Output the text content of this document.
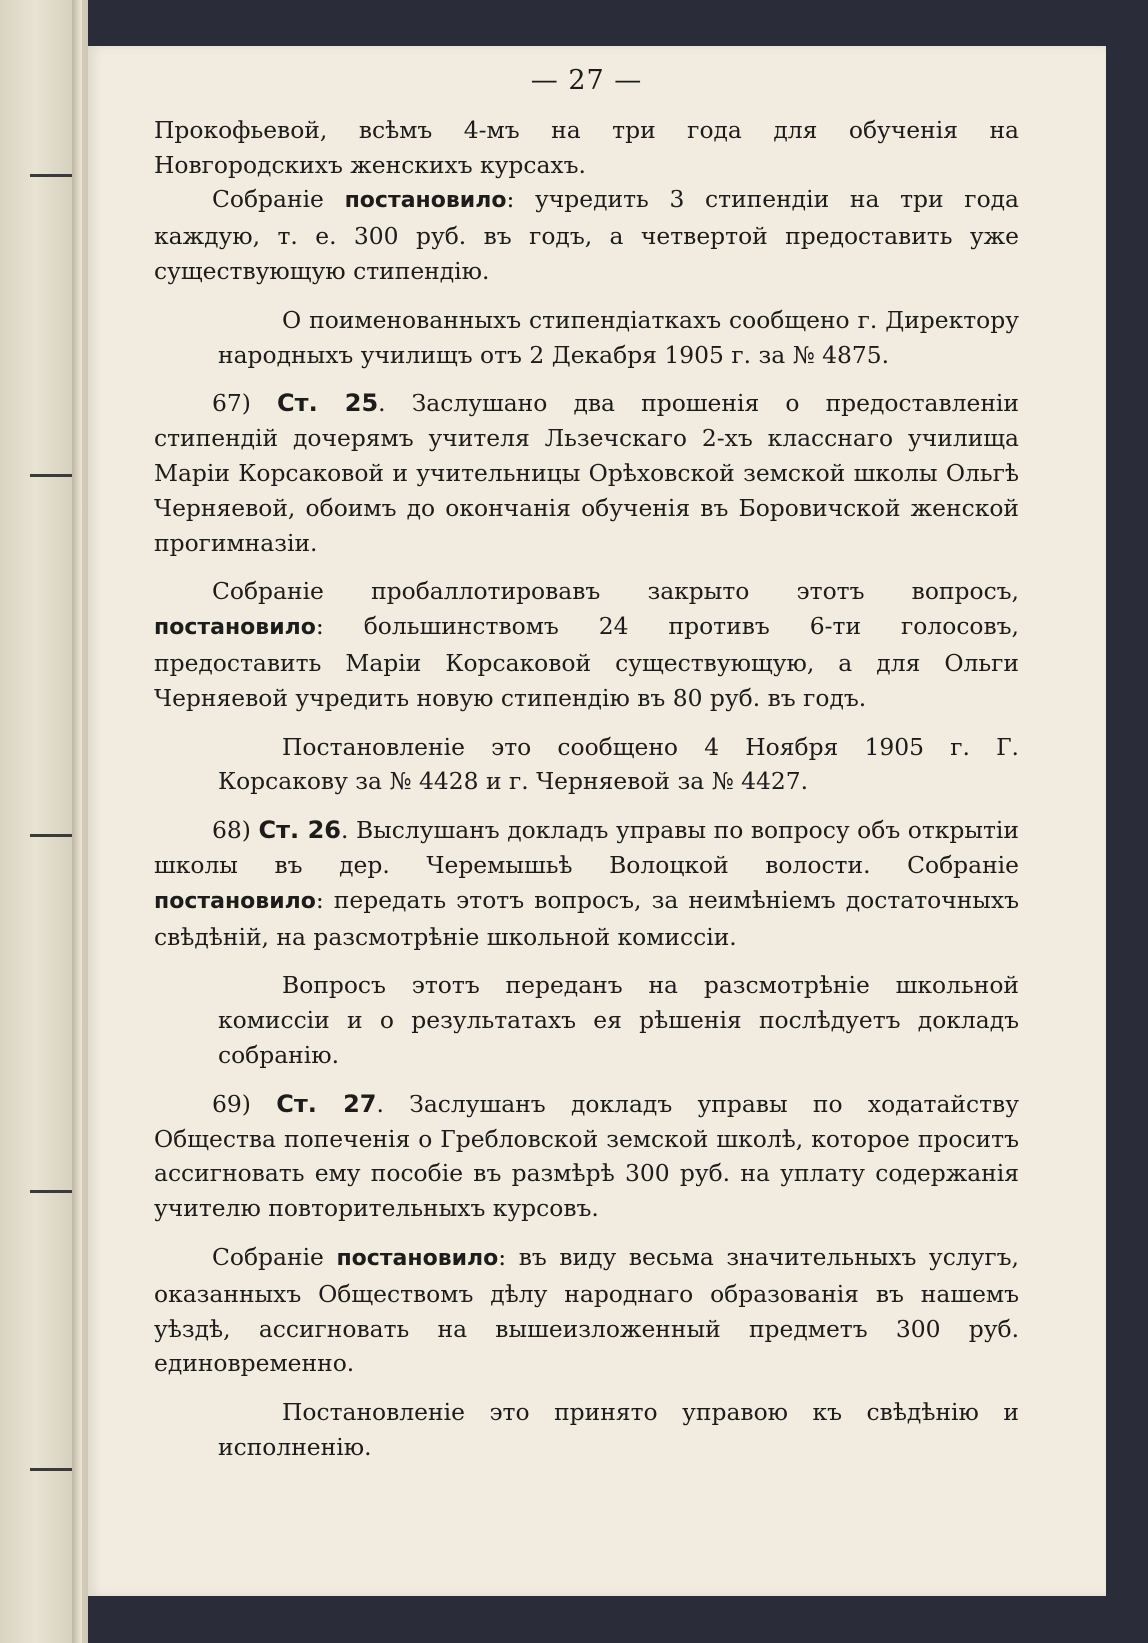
— 27 —

Прокофьевой, всѣмъ 4-мъ на три года для обученія на Новгородскихъ женскихъ курсахъ.

Собраніе постановило: учредить 3 стипендіи на три года каждую, т. е. 300 руб. въ годъ, а четвертой предоставить уже существующую стипендію.

О поименованныхъ стипендіаткахъ сообщено г. Директору народныхъ училищъ отъ 2 Декабря 1905 г. за № 4875.

67) Ст. 25. Заслушано два прошенія о предоставленіи стипендій дочерямъ учителя Льзечскаго 2-хъ класснаго училища Маріи Корсаковой и учительницы Орѣховской земской школы Ольгѣ Черняевой, обоимъ до окончанія обученія въ Боровичской женской прогимназіи.

Собраніе пробаллотировавъ закрыто этотъ вопросъ, постановило: большинствомъ 24 противъ 6-ти голосовъ, предоставить Маріи Корсаковой существующую, а для Ольги Черняевой учредить новую стипендію въ 80 руб. въ годъ.

Постановленіе это сообщено 4 Ноября 1905 г. Г. Корсакову за № 4428 и г. Черняевой за № 4427.

68) Ст. 26. Выслушанъ докладъ управы по вопросу объ открытіи школы въ дер. Черемышьѣ Волоцкой волости. Собраніе постановило: передать этотъ вопросъ, за неимѣніемъ достаточныхъ свѣдѣній, на разсмотрѣніе школьной комиссіи.

Вопросъ этотъ переданъ на разсмотрѣніе школьной комиссіи и о результатахъ ея рѣшенія послѣдуетъ докладъ собранію.

69) Ст. 27. Заслушанъ докладъ управы по ходатайству Общества попеченія о Гребловской земской школѣ, которое проситъ ассигновать ему пособіе въ размѣрѣ 300 руб. на уплату содержанія учителю повторительныхъ курсовъ.

Собраніе постановило: въ виду весьма значительныхъ услугъ, оказанныхъ Обществомъ дѣлу народнаго образованія въ нашемъ уѣздѣ, ассигновать на вышеизложенный предметъ 300 руб. единовременно.

Постановленіе это принято управою къ свѣдѣнію и исполненію.
